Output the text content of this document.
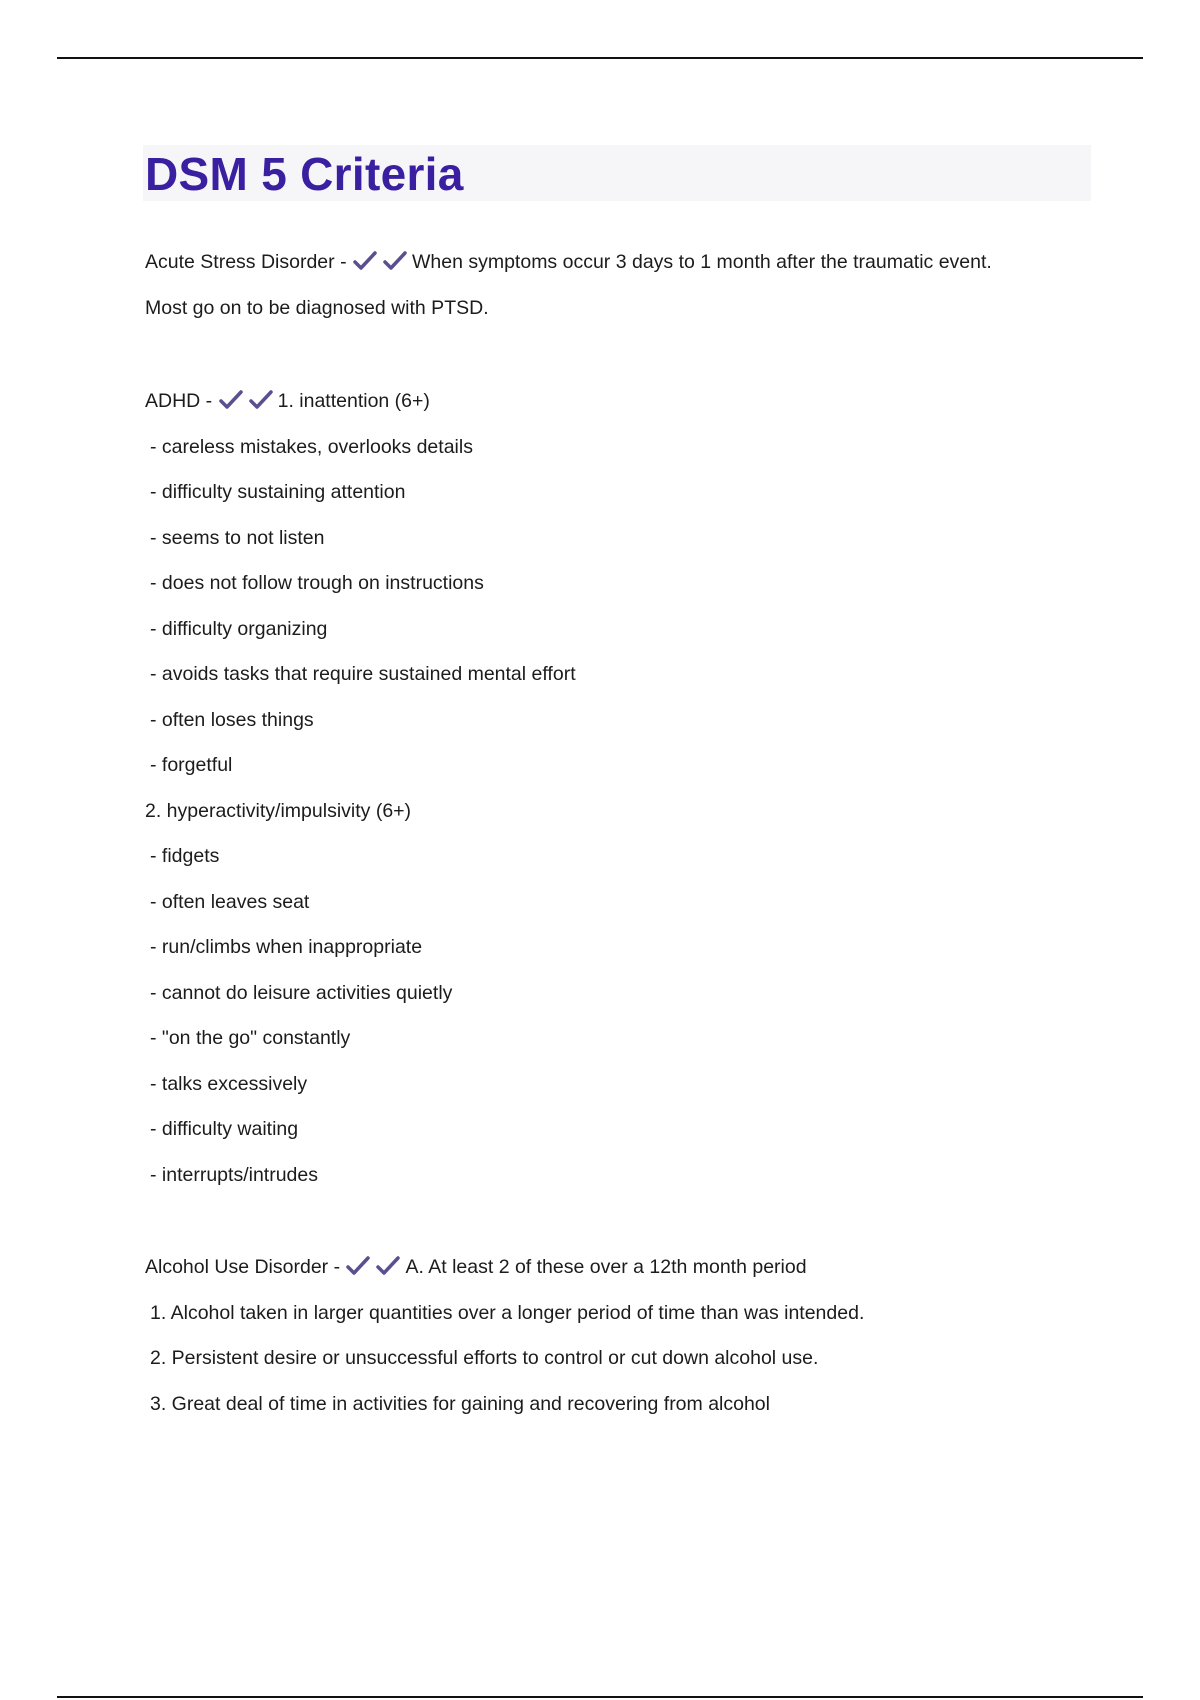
DSM 5 Criteria
Acute Stress Disorder -	When symptoms occur 3 days to 1 month after the traumatic event.
Most go on to be diagnosed with PTSD.
ADHD -	1. inattention (6+)
- careless mistakes, overlooks details
- difficulty sustaining attention
- seems to not listen
- does not follow trough on instructions
- difficulty organizing
- avoids tasks that require sustained mental effort
- often loses things
- forgetful
2. hyperactivity/impulsivity (6+)
- fidgets
- often leaves seat
- run/climbs when inappropriate
- cannot do leisure activities quietly
- "on the go" constantly
- talks excessively
- difficulty waiting
- interrupts/intrudes
Alcohol Use Disorder -	A. At least 2 of these over a 12th month period
1. Alcohol taken in larger quantities over a longer period of time than was intended.
2. Persistent desire or unsuccessful efforts to control or cut down alcohol use.
3. Great deal of time in activities for gaining and recovering from alcohol
